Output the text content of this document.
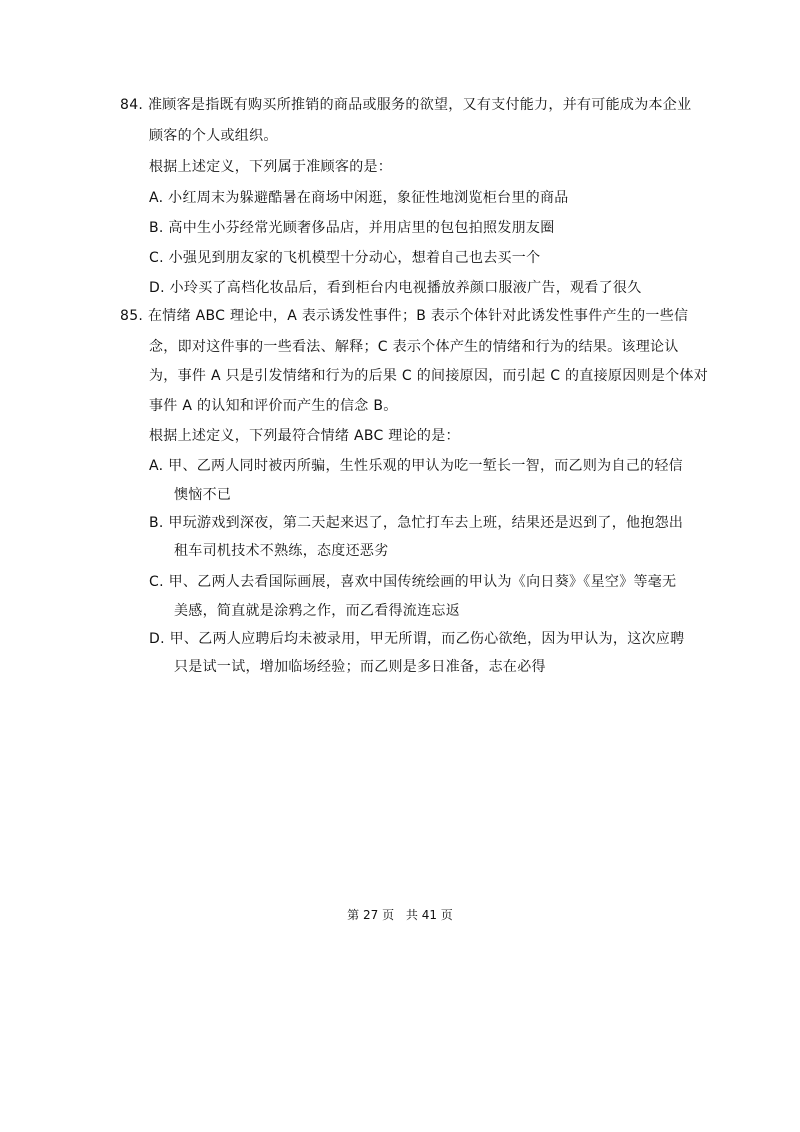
84. 准顾客是指既有购买所推销的商品或服务的欲望，又有支付能力，并有可能成为本企业
顾客的个人或组织。
根据上述定义，下列属于准顾客的是：
A. 小红周末为躲避酷暑在商场中闲逛，象征性地浏览柜台里的商品
B. 高中生小芬经常光顾奢侈品店，并用店里的包包拍照发朋友圈
C. 小强见到朋友家的飞机模型十分动心，想着自己也去买一个
D. 小玲买了高档化妆品后，看到柜台内电视播放养颜口服液广告，观看了很久
85. 在情绪 ABC 理论中，A 表示诱发性事件；B 表示个体针对此诱发性事件产生的一些信
念，即对这件事的一些看法、解释；C 表示个体产生的情绪和行为的结果。该理论认
为，事件 A 只是引发情绪和行为的后果 C 的间接原因，而引起 C 的直接原因则是个体对
事件 A 的认知和评价而产生的信念 B。
根据上述定义，下列最符合情绪 ABC 理论的是：
A. 甲、乙两人同时被丙所骗，生性乐观的甲认为吃一堑长一智，而乙则为自己的轻信
懊恼不已
B. 甲玩游戏到深夜，第二天起来迟了，急忙打车去上班，结果还是迟到了，他抱怨出
租车司机技术不熟练，态度还恶劣
C. 甲、乙两人去看国际画展，喜欢中国传统绘画的甲认为《向日葵》《星空》等毫无
美感，简直就是涂鸦之作，而乙看得流连忘返
D. 甲、乙两人应聘后均未被录用，甲无所谓，而乙伤心欲绝，因为甲认为，这次应聘
只是试一试，增加临场经验；而乙则是多日准备，志在必得
第 27 页 共 41 页
